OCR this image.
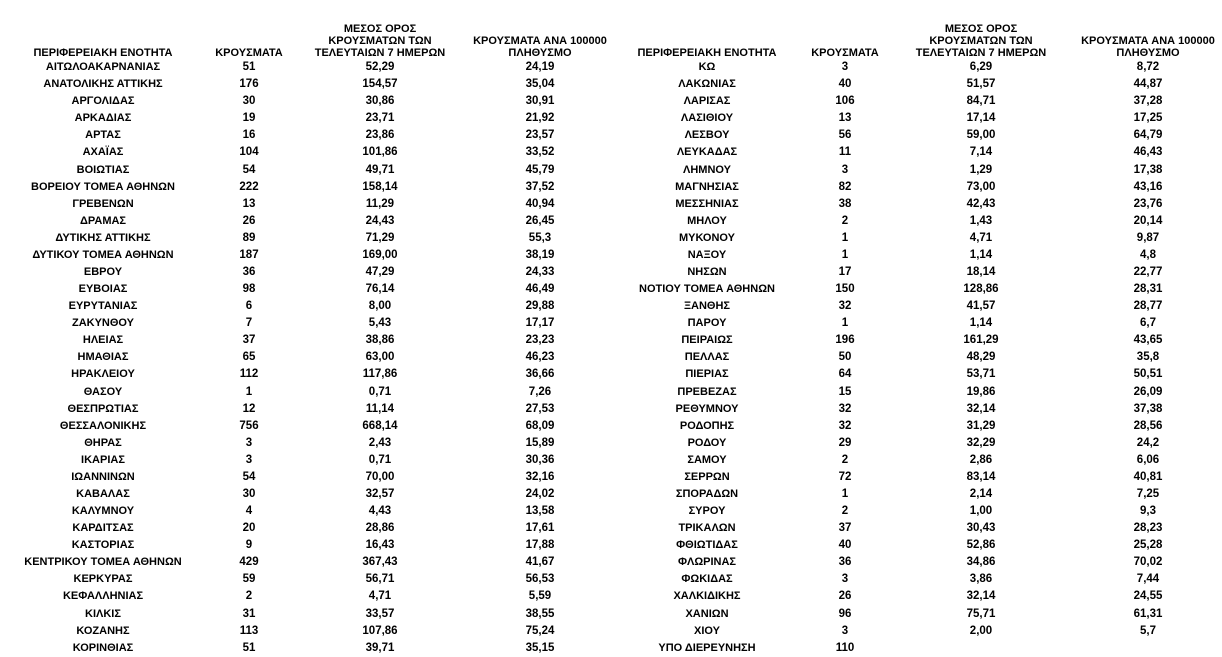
ΠΕΡΙΦΕΡΕΙΑΚΗ ΕΝΟΤΗΤΑ	ΚΡΟΥΣΜΑΤΑ	ΜΕΣΟΣ ΟΡΟΣ
ΚΡΟΥΣΜΑΤΩΝ ΤΩΝ
ΤΕΛΕΥΤΑΙΩΝ 7 ΗΜΕΡΩΝ	ΚΡΟΥΣΜΑΤΑ ΑΝΑ 100000
ΠΛΗΘΥΣΜΟ

ΑΙΤΩΛΟΑΚΑΡΝΑΝΙΑΣ	51	52,29	24,19
ΑΝΑΤΟΛΙΚΗΣ ΑΤΤΙΚΗΣ	176	154,57	35,04
ΑΡΓΟΛΙΔΑΣ	30	30,86	30,91
ΑΡΚΑΔΙΑΣ	19	23,71	21,92
ΑΡΤΑΣ	16	23,86	23,57
ΑΧΑΪΑΣ	104	101,86	33,52
ΒΟΙΩΤΙΑΣ	54	49,71	45,79
ΒΟΡΕΙΟΥ ΤΟΜΕΑ ΑΘΗΝΩΝ	222	158,14	37,52
ΓΡΕΒΕΝΩΝ	13	11,29	40,94
ΔΡΑΜΑΣ	26	24,43	26,45
ΔΥΤΙΚΗΣ ΑΤΤΙΚΗΣ	89	71,29	55,3
ΔΥΤΙΚΟΥ ΤΟΜΕΑ ΑΘΗΝΩΝ	187	169,00	38,19
ΕΒΡΟΥ	36	47,29	24,33
ΕΥΒΟΙΑΣ	98	76,14	46,49
ΕΥΡΥΤΑΝΙΑΣ	6	8,00	29,88
ΖΑΚΥΝΘΟΥ	7	5,43	17,17
ΗΛΕΙΑΣ	37	38,86	23,23
ΗΜΑΘΙΑΣ	65	63,00	46,23
ΗΡΑΚΛΕΙΟΥ	112	117,86	36,66
ΘΑΣΟΥ	1	0,71	7,26
ΘΕΣΠΡΩΤΙΑΣ	12	11,14	27,53
ΘΕΣΣΑΛΟΝΙΚΗΣ	756	668,14	68,09
ΘΗΡΑΣ	3	2,43	15,89
ΙΚΑΡΙΑΣ	3	0,71	30,36
ΙΩΑΝΝΙΝΩΝ	54	70,00	32,16
ΚΑΒΑΛΑΣ	30	32,57	24,02
ΚΑΛΥΜΝΟΥ	4	4,43	13,58
ΚΑΡΔΙΤΣΑΣ	20	28,86	17,61
ΚΑΣΤΟΡΙΑΣ	9	16,43	17,88
ΚΕΝΤΡΙΚΟΥ ΤΟΜΕΑ ΑΘΗΝΩΝ	429	367,43	41,67
ΚΕΡΚΥΡΑΣ	59	56,71	56,53
ΚΕΦΑΛΛΗΝΙΑΣ	2	4,71	5,59
ΚΙΛΚΙΣ	31	33,57	38,55
ΚΟΖΑΝΗΣ	113	107,86	75,24
ΚΟΡΙΝΘΙΑΣ	51	39,71	35,15
ΠΕΡΙΦΕΡΕΙΑΚΗ ΕΝΟΤΗΤΑ	ΚΡΟΥΣΜΑΤΑ	ΜΕΣΟΣ ΟΡΟΣ
ΚΡΟΥΣΜΑΤΩΝ ΤΩΝ
ΤΕΛΕΥΤΑΙΩΝ 7 ΗΜΕΡΩΝ	ΚΡΟΥΣΜΑΤΑ ΑΝΑ 100000
ΠΛΗΘΥΣΜΟ

ΚΩ	3	6,29	8,72
ΛΑΚΩΝΙΑΣ	40	51,57	44,87
ΛΑΡΙΣΑΣ	106	84,71	37,28
ΛΑΣΙΘΙΟΥ	13	17,14	17,25
ΛΕΣΒΟΥ	56	59,00	64,79
ΛΕΥΚΑΔΑΣ	11	7,14	46,43
ΛΗΜΝΟΥ	3	1,29	17,38
ΜΑΓΝΗΣΙΑΣ	82	73,00	43,16
ΜΕΣΣΗΝΙΑΣ	38	42,43	23,76
ΜΗΛΟΥ	2	1,43	20,14
ΜΥΚΟΝΟΥ	1	4,71	9,87
ΝΑΞΟΥ	1	1,14	4,8
ΝΗΣΩΝ	17	18,14	22,77
ΝΟΤΙΟΥ ΤΟΜΕΑ ΑΘΗΝΩΝ	150	128,86	28,31
ΞΑΝΘΗΣ	32	41,57	28,77
ΠΑΡΟΥ	1	1,14	6,7
ΠΕΙΡΑΙΩΣ	196	161,29	43,65
ΠΕΛΛΑΣ	50	48,29	35,8
ΠΙΕΡΙΑΣ	64	53,71	50,51
ΠΡΕΒΕΖΑΣ	15	19,86	26,09
ΡΕΘΥΜΝΟΥ	32	32,14	37,38
ΡΟΔΟΠΗΣ	32	31,29	28,56
ΡΟΔΟΥ	29	32,29	24,2
ΣΑΜΟΥ	2	2,86	6,06
ΣΕΡΡΩΝ	72	83,14	40,81
ΣΠΟΡΑΔΩΝ	1	2,14	7,25
ΣΥΡΟΥ	2	1,00	9,3
ΤΡΙΚΑΛΩΝ	37	30,43	28,23
ΦΘΙΩΤΙΔΑΣ	40	52,86	25,28
ΦΛΩΡΙΝΑΣ	36	34,86	70,02
ΦΩΚΙΔΑΣ	3	3,86	7,44
ΧΑΛΚΙΔΙΚΗΣ	26	32,14	24,55
ΧΑΝΙΩΝ	96	75,71	61,31
ΧΙΟΥ	3	2,00	5,7
ΥΠΟ ΔΙΕΡΕΥΝΗΣΗ	110		
